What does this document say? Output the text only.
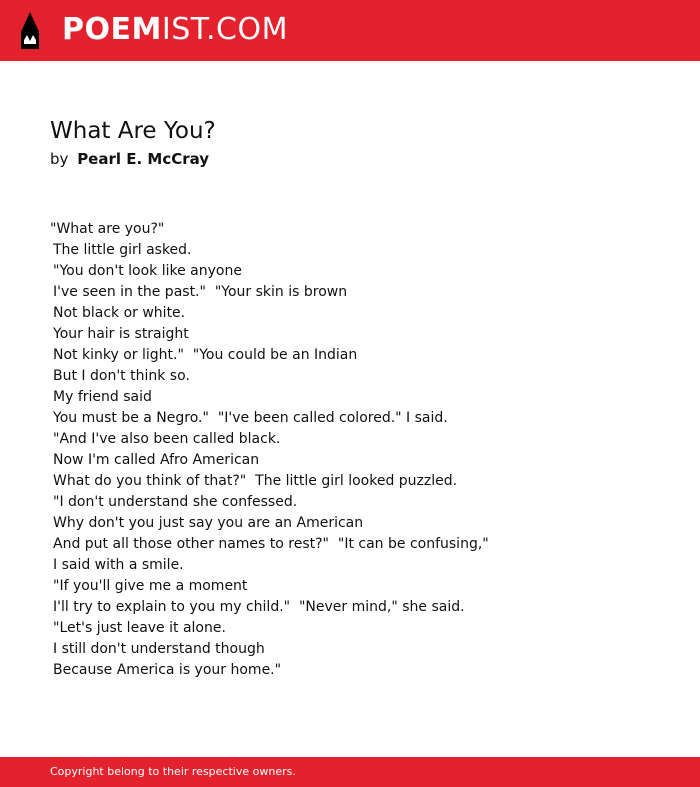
POEMIST.COM
What Are You?
by Pearl E. McCray
"What are you?"
The little girl asked.
"You don't look like anyone
I've seen in the past."  "Your skin is brown
Not black or white.
Your hair is straight
Not kinky or light."  "You could be an Indian
But I don't think so.
My friend said
You must be a Negro."  "I've been called colored." I said.
"And I've also been called black.
Now I'm called Afro American
What do you think of that?"  The little girl looked puzzled.
"I don't understand she confessed.
Why don't you just say you are an American
And put all those other names to rest?"  "It can be confusing,"
I said with a smile.
"If you'll give me a moment
I'll try to explain to you my child."  "Never mind," she said.
"Let's just leave it alone.
I still don't understand though
Because America is your home."
Copyright belong to their respective owners.
